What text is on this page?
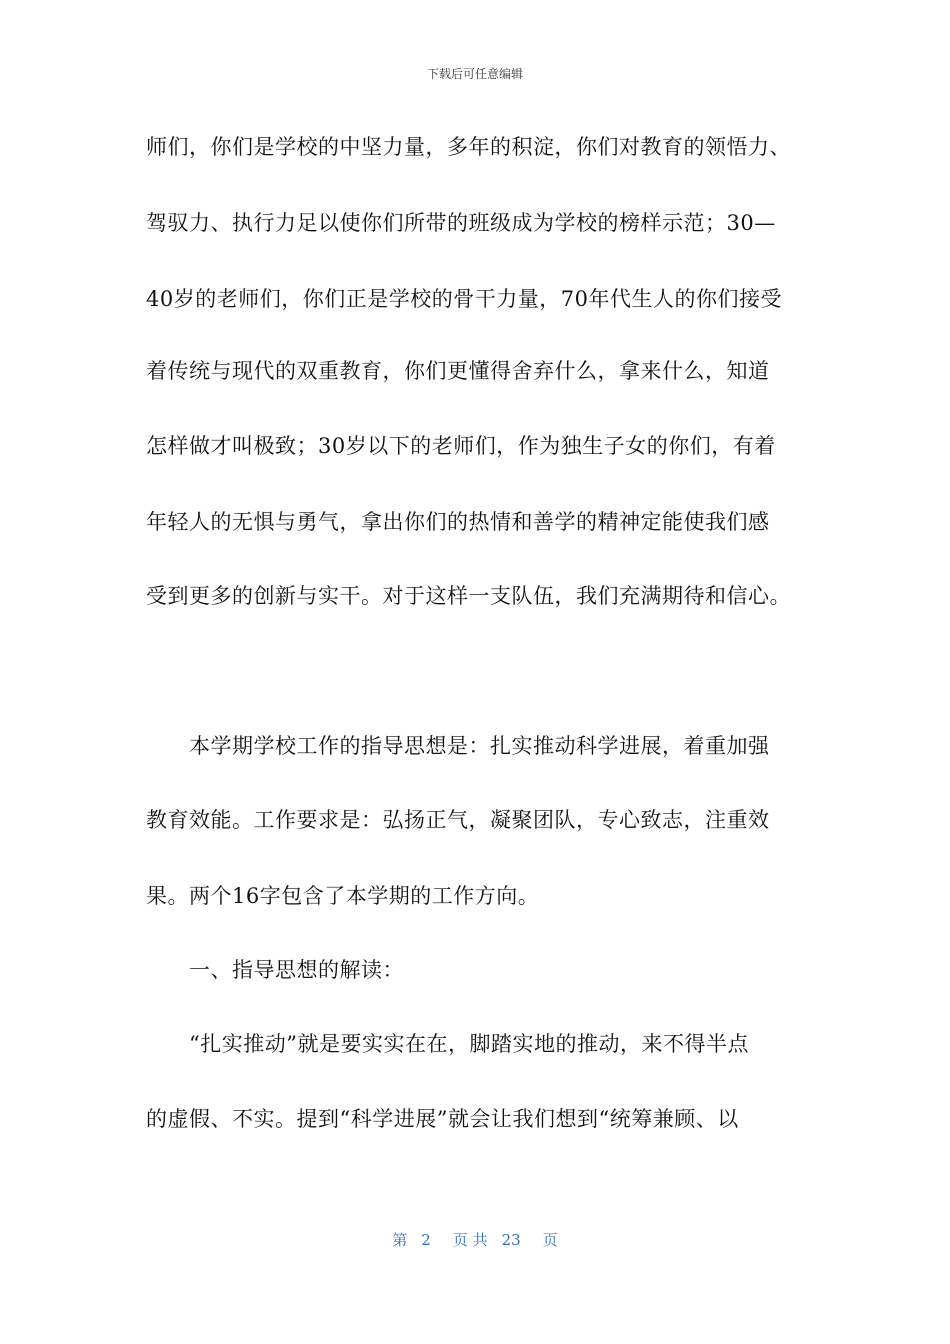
下载后可任意编辑
师们，你们是学校的中坚力量，多年的积淀，你们对教育的领悟力、
驾驭力、执行力足以使你们所带的班级成为学校的榜样示范；30—
40岁的老师们，你们正是学校的骨干力量，70年代生人的你们接受
着传统与现代的双重教育，你们更懂得舍弃什么，拿来什么，知道
怎样做才叫极致；30岁以下的老师们，作为独生子女的你们，有着
年轻人的无惧与勇气，拿出你们的热情和善学的精神定能使我们感
受到更多的创新与实干。对于这样一支队伍，我们充满期待和信心。
　　本学期学校工作的指导思想是：扎实推动科学进展，着重加强
教育效能。工作要求是：弘扬正气，凝聚团队，专心致志，注重效
果。两个16字包含了本学期的工作方向。
　　一、指导思想的解读：
　　“扎实推动”就是要实实在在，脚踏实地的推动，来不得半点
的虚假、不实。提到“科学进展”就会让我们想到“统筹兼顾、以
第 2 页 共 23 页
